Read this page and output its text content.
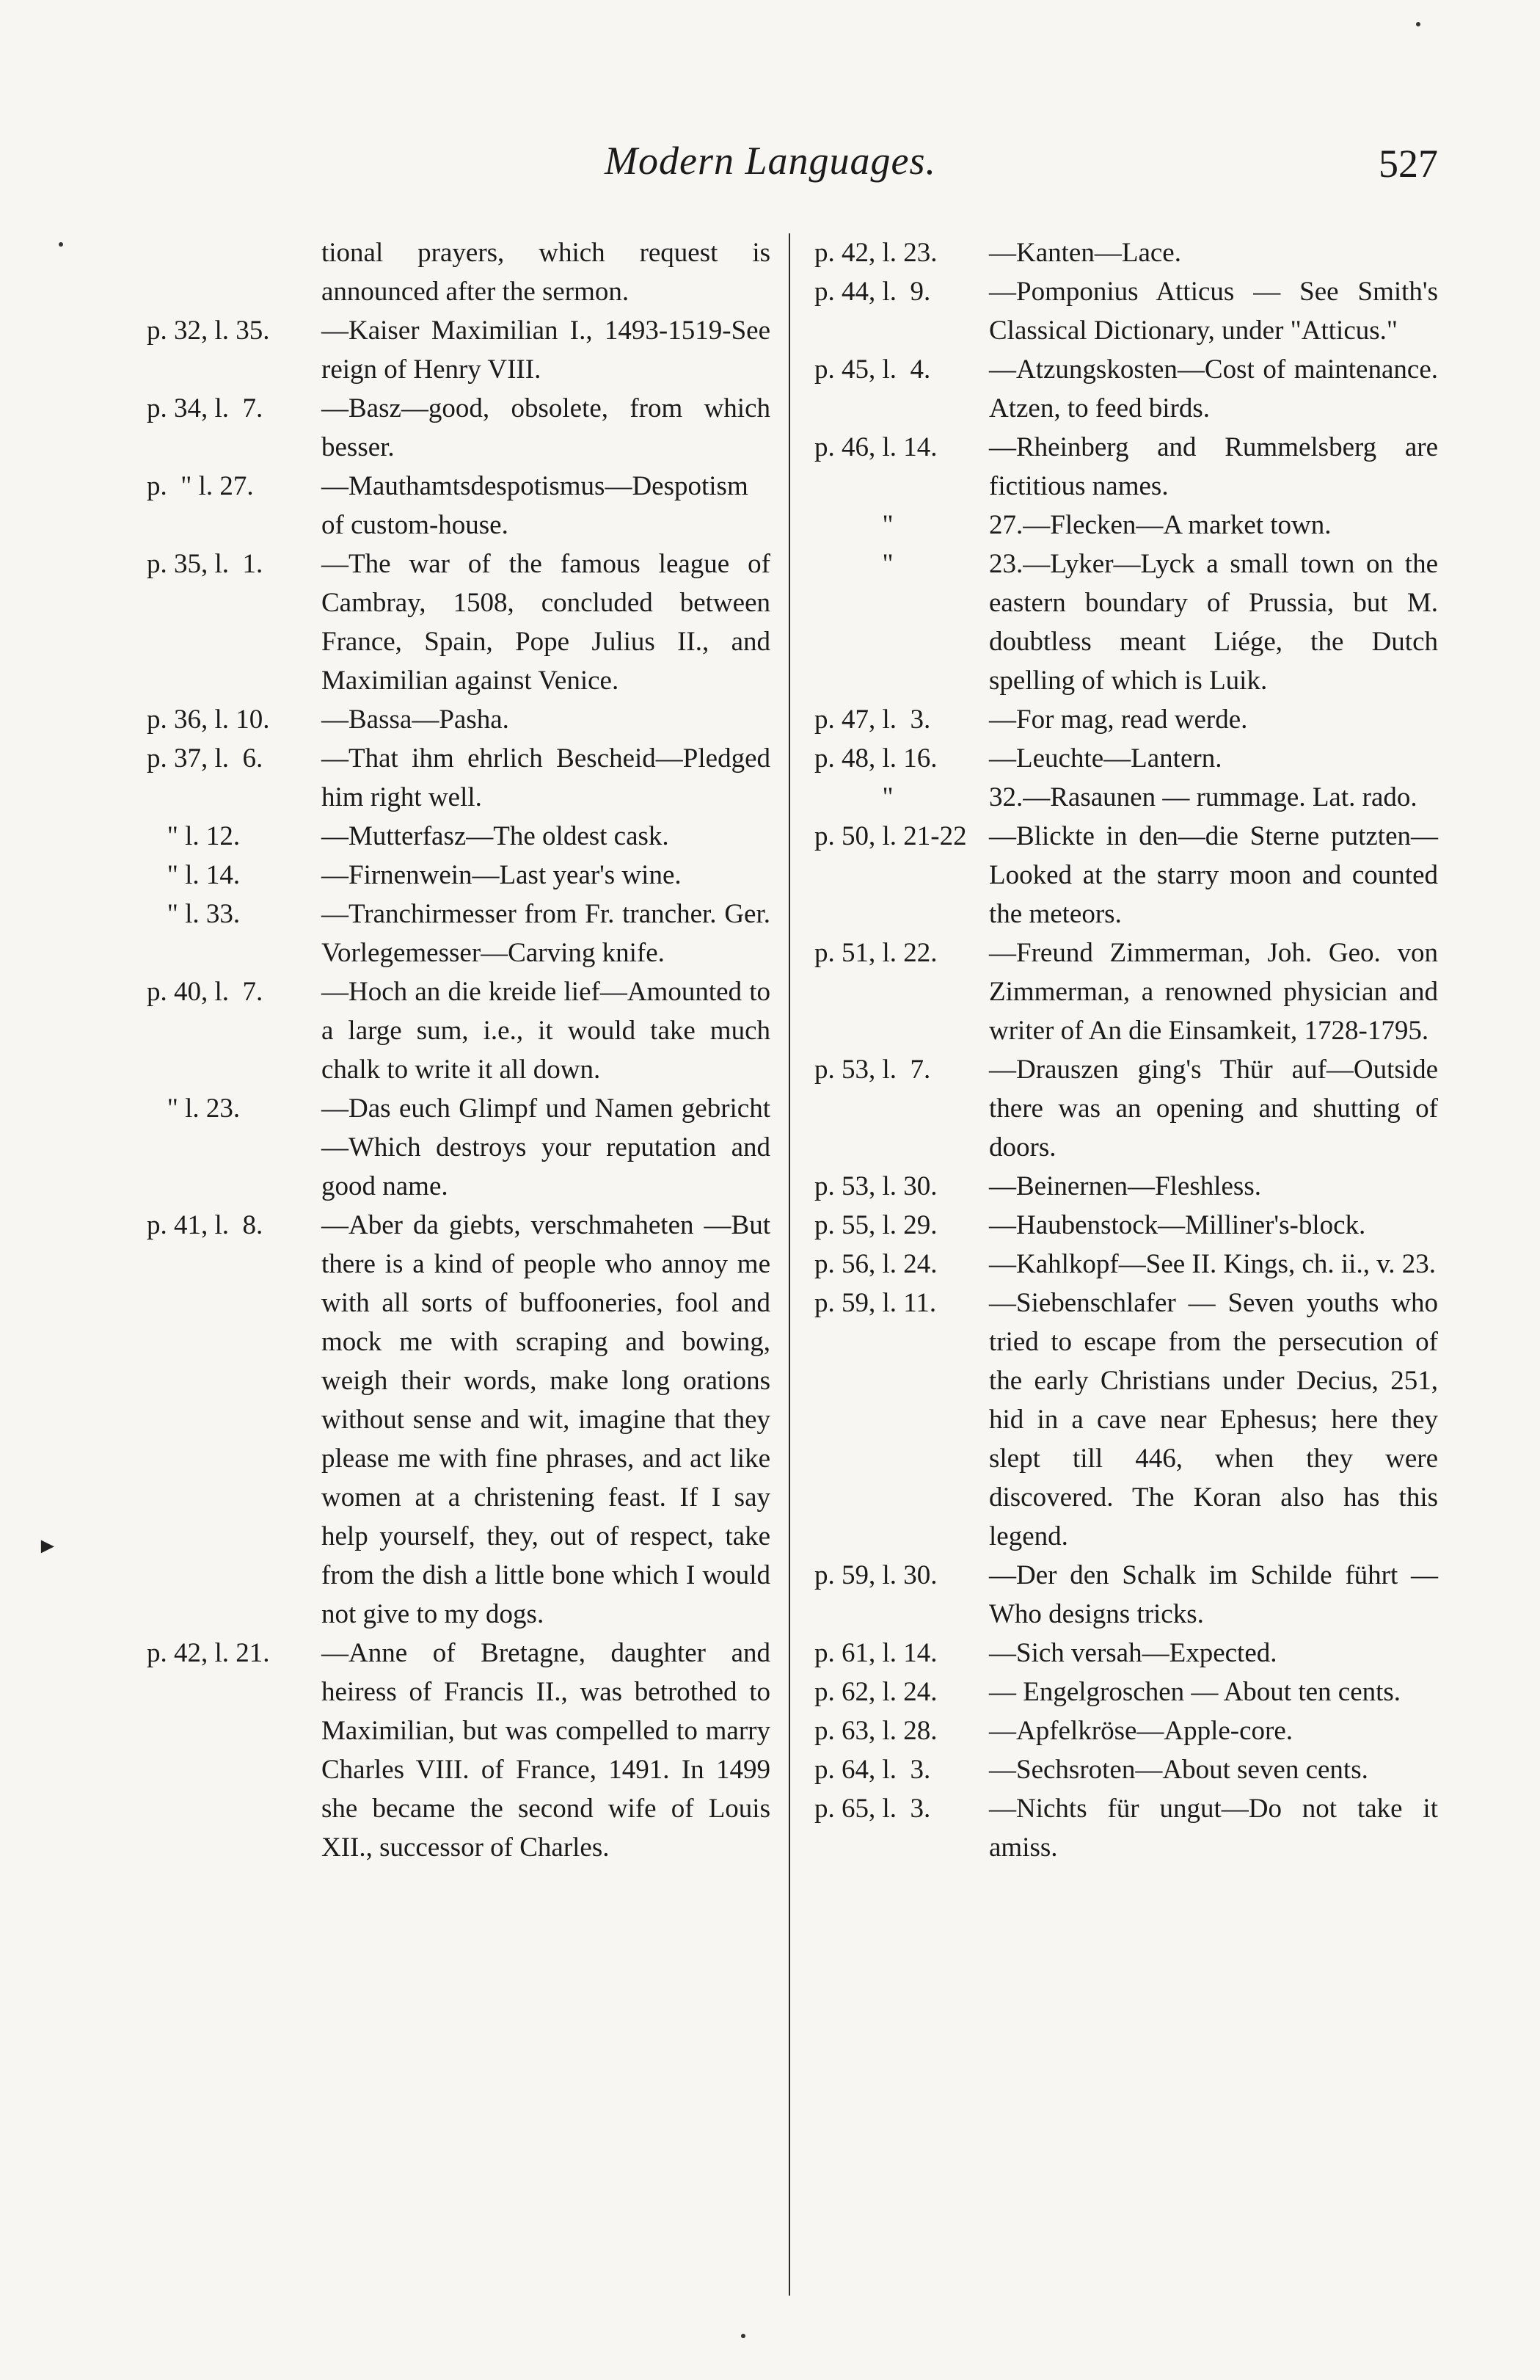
Modern Languages.	527
tional prayers, which request is announced after the sermon.
p. 32, l. 35.	—Kaiser Maximilian I., 1493-1519-See reign of Henry VIII.
p. 34, l.  7.	—Basz—good, obsolete, from which besser.
p.  " l. 27.	—Mauthamtsdespotismus—Despotism of custom-house.
p. 35, l.  1.	—The war of the famous league of Cambray, 1508, concluded between France, Spain, Pope Julius II., and Maximilian against Venice.
p. 36, l. 10.	—Bassa—Pasha.
p. 37, l.  6.	—That ihm ehrlich Bescheid—Pledged him right well.
" l. 12.	—Mutterfasz—The oldest cask.
" l. 14.	—Firnenwein—Last year's wine.
" l. 33.	—Tranchirmesser from Fr. trancher. Ger. Vorlegemesser—Carving knife.
p. 40, l.  7.	—Hoch an die kreide lief—Amounted to a large sum, i.e., it would take much chalk to write it all down.
" l. 23.	—Das euch Glimpf und Namen gebricht—Which destroys your reputation and good name.
p. 41, l.  8.	—Aber da giebts, verschmaheten —But there is a kind of people who annoy me with all sorts of buffooneries, fool and mock me with scraping and bowing, weigh their words, make long orations without sense and wit, imagine that they please me with fine phrases, and act like women at a christening feast. If I say help yourself, they, out of respect, take from the dish a little bone which I would not give to my dogs.
p. 42, l. 21.	—Anne of Bretagne, daughter and heiress of Francis II., was betrothed to Maximilian, but was compelled to marry Charles VIII. of France, 1491. In 1499 she became the second wife of Louis XII., successor of Charles.
p. 42, l. 23.	—Kanten—Lace.
p. 44, l.  9.	—Pomponius Atticus — See Smith's Classical Dictionary, under "Atticus."
p. 45, l.  4.	—Atzungskosten—Cost of maintenance. Atzen, to feed birds.
p. 46, l. 14.	—Rheinberg and Rummelsberg are fictitious names.
"	27.—Flecken—A market town.
"	23.—Lyker—Lyck a small town on the eastern boundary of Prussia, but M. doubtless meant Liége, the Dutch spelling of which is Luik.
p. 47, l.  3.	—For mag, read werde.
p. 48, l. 16.	—Leuchte—Lantern.
"	32.—Rasaunen — rummage. Lat. rado.
p. 50, l. 21-22 —Blickte in den—die Sterne putzten—Looked at the starry moon and counted the meteors.
p. 51, l. 22.	—Freund Zimmerman, Joh. Geo. von Zimmerman, a renowned physician and writer of An die Einsamkeit, 1728-1795.
p. 53, l.  7.	—Drauszen ging's Thür auf—Outside there was an opening and shutting of doors.
p. 53, l. 30.	—Beinernen—Fleshless.
p. 55, l. 29.	—Haubenstock—Milliner's-block.
p. 56, l. 24.	—Kahlkopf—See II. Kings, ch. ii., v. 23.
p. 59, l. 11.	—Siebenschlafer — Seven youths who tried to escape from the persecution of the early Christians under Decius, 251, hid in a cave near Ephesus; here they slept till 446, when they were discovered. The Koran also has this legend.
p. 59, l. 30.	—Der den Schalk im Schilde führt — Who designs tricks.
p. 61, l. 14.	—Sich versah—Expected.
p. 62, l. 24.	— Engelgroschen — About ten cents.
p. 63, l. 28.	—Apfelkröse—Apple-core.
p. 64, l.  3.	—Sechsroten—About seven cents.
p. 65, l.  3.	—Nichts für ungut—Do not take it amiss.
►
